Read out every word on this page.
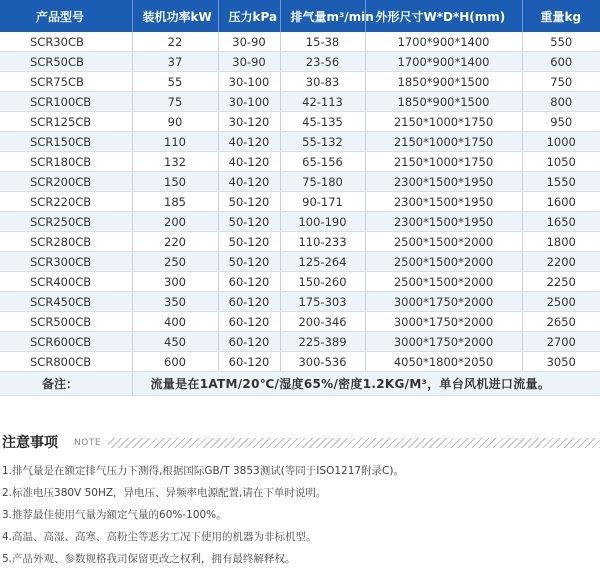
产品型号	装机功率kW	压力kPa	排气量m³/min	外形尺寸W*D*H(mm)	重量kg
SCR30CB	22	30-90	15-38	1700*900*1400	550
SCR50CB	37	30-90	23-56	1700*900*1400	600
SCR75CB	55	30-100	30-83	1850*900*1500	750
SCR100CB	75	30-100	42-113	1850*900*1500	800
SCR125CB	90	30-120	45-135	2150*1000*1750	950
SCR150CB	110	40-120	55-132	2150*1000*1750	1000
SCR180CB	132	40-120	65-156	2150*1000*1750	1050
SCR200CB	150	40-120	75-180	2300*1500*1950	1550
SCR220CB	185	50-120	90-171	2300*1500*1950	1600
SCR250CB	200	50-120	100-190	2300*1500*1950	1650
SCR280CB	220	50-120	110-233	2500*1500*2000	1800
SCR300CB	250	50-120	125-264	2500*1500*2000	2200
SCR400CB	300	60-120	150-260	2500*1500*2000	2250
SCR450CB	350	60-120	175-303	3000*1750*2000	2500
SCR500CB	400	60-120	200-346	3000*1750*2000	2650
SCR600CB	450	60-120	225-389	3000*1750*2000	2700
SCR800CB	600	60-120	300-536	4050*1800*2050	3050
备注：	流量是在1ATM/20℃/湿度65%/密度1.2KG/M³，单台风机进口流量。				
注意事项 NOTE
1.排气量是在额定排气压力下测得,根据国际GB/T 3853测试(等同于ISO1217附录C)。
2.标准电压380V 50HZ，异电压、异频率电源配置,请在下单时说明。
3.推荐最佳使用气量为额定气量的60%-100%。
4.高温、高湿、高寒、高粉尘等恶劣工况下使用的机器为非标机型。
5.产品外观、参数规格我司保留更改之权利，拥有最终解释权。
